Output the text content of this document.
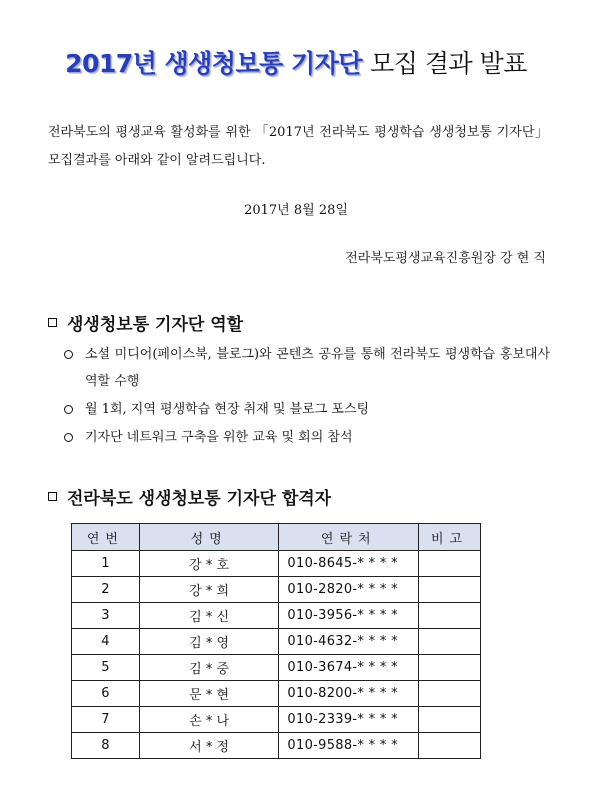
2017년 생생청보통 기자단 모집 결과 발표

전라북도의 평생교육 활성화를 위한 「2017년 전라북도 평생학습 생생청보통 기자단」 모집결과를 아래와 같이 알려드립니다.

2017년 8월 28일
전라북도평생교육진흥원장 강 현 직
생생청보통 기자단 역할
소셜 미디어(페이스북, 블로그)와 콘텐츠 공유를 통해 전라북도 평생학습 홍보대사 역할 수행
월 1회, 지역 평생학습 현장 취재 및 블로그 포스팅
기자단 네트워크 구축을 위한 교육 및 회의 참석
전라북도 생생청보통 기자단 합격자
연번	성명	연락처	비고
1	강 * 호	010-8645-* * * *	
2	강 * 희	010-2820-* * * *	
3	김 * 신	010-3956-* * * *	
4	김 * 영	010-4632-* * * *	
5	김 * 중	010-3674-* * * *	
6	문 * 현	010-8200-* * * *	
7	손 * 나	010-2339-* * * *	
8	서 * 정	010-9588-* * * *	
